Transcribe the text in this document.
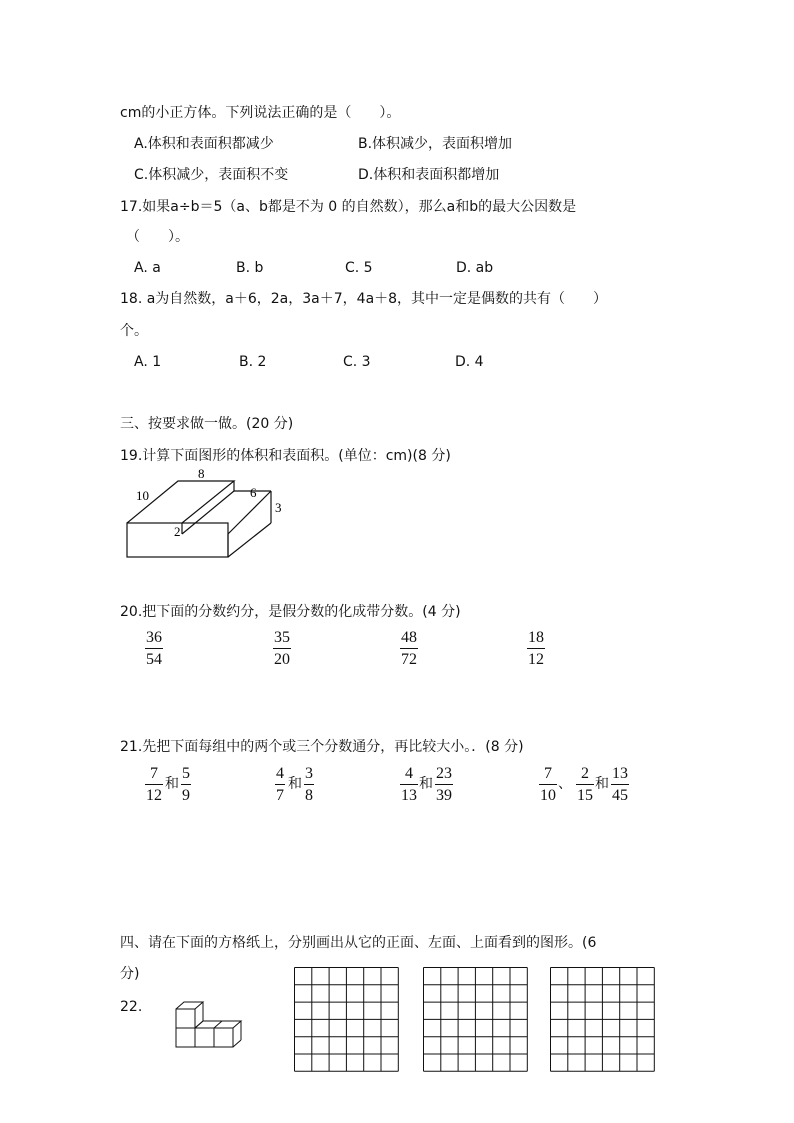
cm的小正方体。下列说法正确的是（　　）。
A.体积和表面积都减少	B.体积减少，表面积增加
C.体积减少，表面积不变	D.体积和表面积都增加
17.如果a÷b＝5（a、b都是不为 0 的自然数），那么a和b的最大公因数是
（　　）。
A. a	B. b	C. 5	D. ab
18. a为自然数，a＋6，2a，3a＋7，4a＋8，其中一定是偶数的共有（　　）
个。
A. 1	B. 2	C. 3	D. 4
三、按要求做一做。(20 分)
19.计算下面图形的体积和表面积。(单位：cm)(8 分)
8
10	6
3
2
20.把下面的分数约分，是假分数的化成带分数。(4 分)
36
54
35
20
48
72
18
12
21.先把下面每组中的两个或三个分数通分，再比较大小。．(8 分)
7
12
和
5
9
4
7
和
3
8
4
13
和
23
39
7
10
、
2
15
和
13
45
四、请在下面的方格纸上，分别画出从它的正面、左面、上面看到的图形。(6
分)
22.
